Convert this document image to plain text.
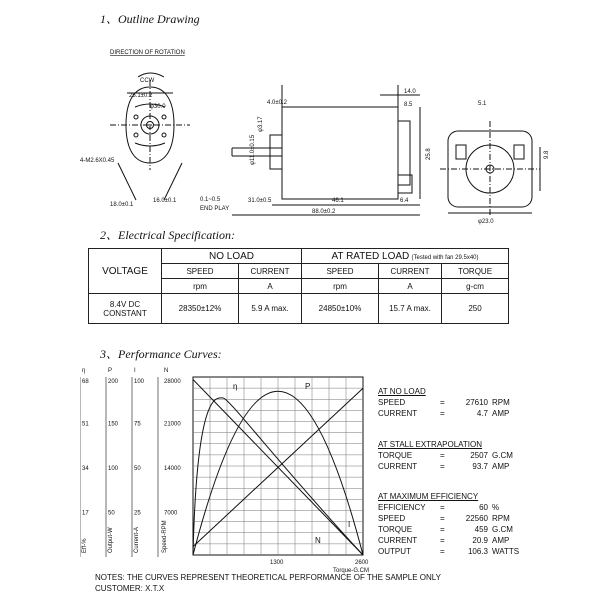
1、Outline Drawing
2、Electrical Specification:
3、Performance Curves:
DIRECTION OF ROTATION
CCW
25.1±0.2
φ30.0
4-M2.6X0.45
18.0±0.1
16.0±0.1
4.0±0.2
φ3.17
φ11.0±0.15
14.0
8.5
25.8
0.1~0.5
END PLAY
31.0±0.5	46.1	6.4
88.0±0.2
5.1
9.8
φ23.0
VOLTAGE	NO LOAD		AT RATED LOAD (Tested with fan 29.5x40)		
	SPEED	CURRENT	SPEED	CURRENT	TORQUE
	rpm	A	rpm	A	g-cm

8.4V DC
CONSTANT	28350±12%	5.9 A max.	24850±10%	15.7 A max.	250
η	P	I	N
68	200	100	28000
51	150	75	21000
34	100	50	14000
17	50	25	7000
Eff-%	Output-W	Current-A	Speed-RPM
1300	2600
Torque-G.CM
η	P
I
N
AT NO LOAD
SPEED	=	27610 RPM
CURRENT	=	4.7 AMP
AT STALL EXTRAPOLATION
TORQUE	=	2507 G.CM
CURRENT	=	93.7 AMP
AT MAXIMUM EFFICIENCY
EFFICIENCY	=	60 %
SPEED	=	22560 RPM
TORQUE	=	459 G.CM
CURRENT	=	20.9 AMP
OUTPUT	=	106.3 WATTS
NOTES: THE CURVES REPRESENT THEORETICAL PERFORMANCE OF THE SAMPLE ONLY
CUSTOMER: X.T.X
